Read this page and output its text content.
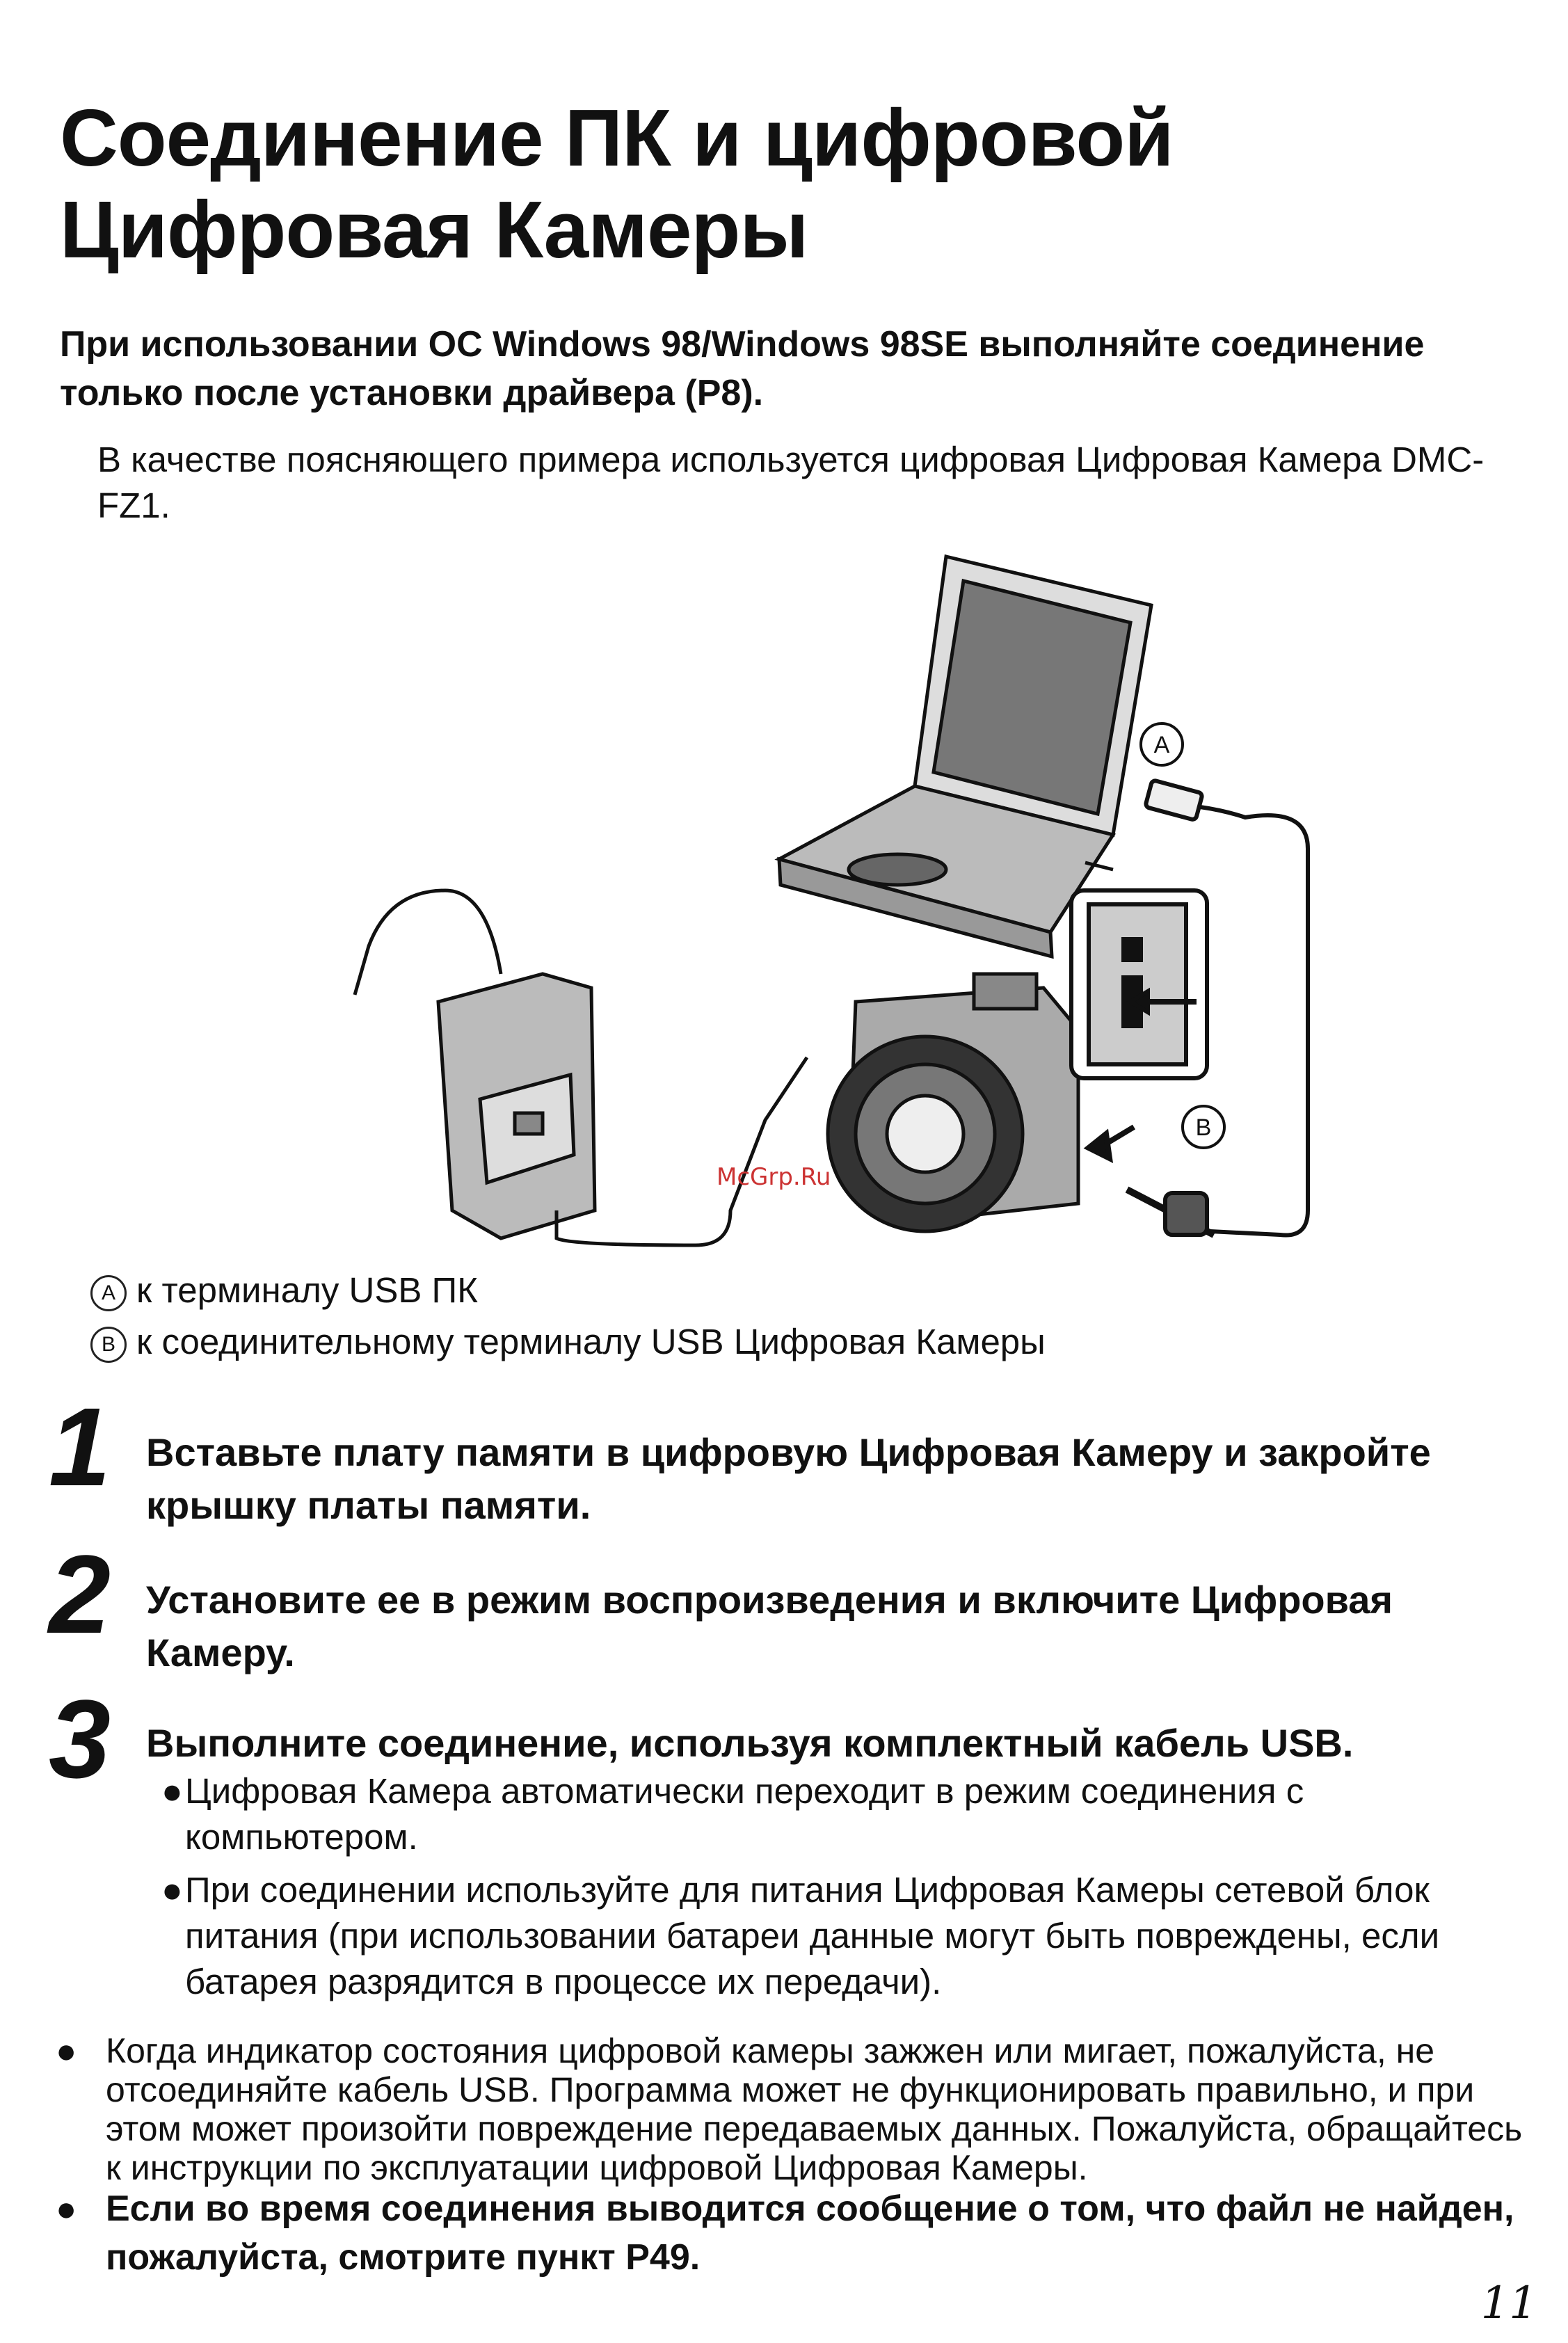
Соединение ПК и цифровой
Цифровая Камеры
При использовании ОС Windows 98/Windows 98SE выполняйте соединение только после установки драйвера (P8).
В качестве поясняющего примера используется цифровая Цифровая Камера DMC-FZ1.
A
B
McGrp.Ru
A к терминалу USB ПК
B к соединительному терминалу USB Цифровая Камеры
1 Вставьте плату памяти в цифровую Цифровая Камеру и закройте крышку платы памяти.
2 Установите ее в режим воспроизведения и включите Цифровая Камеру.
3 Выполните соединение, используя комплектный кабель USB.
● Цифровая Камера автоматически переходит в режим соединения с компьютером.
● При соединении используйте для питания Цифровая Камеры сетевой блок питания (при использовании батареи данные могут быть повреждены, если батарея разрядится в процессе их передачи).
● Когда индикатор состояния цифровой камеры зажжен или мигает, пожалуйста, не отсоединяйте кабель USB. Программа может не функционировать правильно, и при этом может произойти повреждение передаваемых данных. Пожалуйста, обращайтесь к инструкции по эксплуатации цифровой Цифровая Камеры.
● Если во время соединения выводится сообщение о том, что файл не найден, пожалуйста, смотрите пункт P49.
11
